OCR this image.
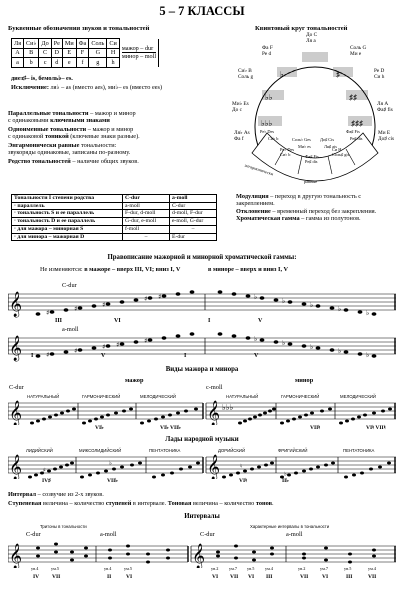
5 – 7 КЛАССЫ
Буквенные обозначения звуков и тональностей
Ля	Си♭	До	Ре	Ми	Фа	Соль	Си	мажор – dur
минор – moll

A	B	C	D	E	F	G	H	
a	b	c	d	e	f	g	h	
диез♯– is, бемоль♭– es.
Исключение: ля♭ – as (вместо aes), ми♭– es (вместо ees)
Квинтовый круг тональностей
♭
♭♭
♭♭♭
♯
♯♯
♯♯♯
До C
Ля a
Фа F
Ре d
Соль G
Ми e
Си♭ B
Соль g
Ре D
Си h
Ми♭ Es
До c
Ля A
Фа♯ fis
Ля♭ As
Фа f
Ми E
До♯ cis
Ре♭ Des
Си♭ b	Фа♯ Fis
Ре♯ dis
Си H
Соль♯ gis
Ре♭ Des
Си♭ b	Соль♭ Ges
Ми♭ es
До♯ Cis
Ля♯ ais
Фа♯ Fis
Ре♯ dis
энгармонически
равные
Параллельные тональности – мажор и минор
с одинаковыми ключевыми знаками
Одноименные тональности – мажор и минор
с одинаковой тоникой (ключевые знаки разные).
Энгармонически равные тональности:
звукоряды одинаковые, записаны по-разному.
Родство тональностей – наличие общих звуков.
Тональности I степени родства	C-dur	a-moll
· параллель	a-moll	C-dur
· тональность S и ее параллель	F-dur, d-moll	d-moll, F-dur
· тональность D и ее параллель	G-dur, e-moll	e-moll, G-dur
· для мажора – минорная S	f-moll	–
· для минора – мажорная D	–	E-dur
Модуляция – переход в другую тональность с закреплением.
Отклонение – временный переход без закрепления.
Хроматическая гамма – гамма из полутонов.
Правописание мажорной и минорной хроматической гаммы:
Не изменяются: в мажоре – вверх III, VI; вниз I, V	в миноре – вверх и вниз I, V
𝄞	♯	♯	♯
♯ ♯	♭	♭	♭	♭	♭
III	VI	I	V
C-dur
a-moll
𝄞	♯	♯	♯ ♯	♯	♭	♭	♭	♭	♭
I	V	I	V
Виды мажора и минора
мажор	минор
C-dur	c-moll
НАТУРАЛЬНЫЙ	ГАРМОНИЧЕСКИЙ	МЕЛОДИЧЕСКИЙ	НАТУРАЛЬНЫЙ	ГАРМОНИЧЕСКИЙ	МЕЛОДИЧЕСКИЙ
𝄞	𝄞 ♭♭♭
VI♭	VI♭ VII♭	VII♮	VI♮ VII♮
Лады народной музыки
ЛИДИЙСКИЙ	МИКСОЛИДИЙСКИЙ	ПЕНТАТОНИКА	ДОРИЙСКИЙ	ФРИГИЙСКИЙ	ПЕНТАТОНИКА
𝄞	𝄞
♯
♭	♮
♭
IV♯	VII♭	VI♮	II♭
Интервал – созвучие из 2-х звуков.
Ступеневая величина – количество ступеней в интервале. Тоновая величина – количество тонов.
Интервалы
Тритоны в тональности	Характерные интервалы в тональности
C-dur	a-moll	C-dur	a-moll
𝄞	𝄞
ув.4	ум.5	ув.4	ум.5	ув.2 ум.7 ув.5 ум.4	ув.2	ум.7	ув.5	ум.4
IV VII	II	VI	VI VII VI III	VII VI	III	VII
